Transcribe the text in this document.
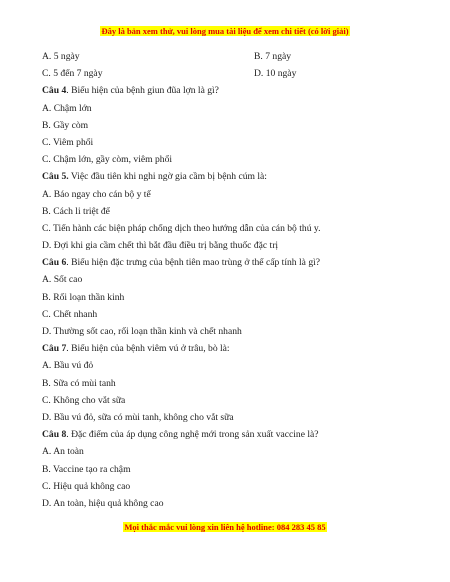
Đây là bản xem thử, vui lòng mua tài liệu để xem chi tiết (có lời giải)
A. 5 ngày	B. 7 ngày
C. 5 đến 7 ngày	D. 10 ngày
Câu 4. Biểu hiện của bệnh giun đũa lợn là gì?
A. Chậm lớn
B. Gầy còm
C. Viêm phổi
C. Chậm lớn, gầy còm, viêm phổi
Câu 5. Việc đầu tiên khi nghi ngờ gia cầm bị bệnh cúm là:
A. Báo ngay cho cán bộ y tế
B. Cách li triệt để
C. Tiến hành các biện pháp chống dịch theo hướng dẫn của cán bộ thú y.
D. Đợi khi gia cầm chết thì bắt đầu điều trị bằng thuốc đặc trị
Câu 6. Biểu hiện đặc trưng của bệnh tiên mao trùng ở thể cấp tính là gì?
A. Sốt cao
B. Rối loạn thần kinh
C. Chết nhanh
D. Thường sốt cao, rối loạn thần kinh và chết nhanh
Câu 7. Biểu hiện của bệnh viêm vú ở trâu, bò là:
A. Bầu vú đỏ
B. Sữa có mùi tanh
C. Không cho vắt sữa
D. Bầu vú đỏ, sữa có mùi tanh, không cho vắt sữa
Câu 8. Đặc điểm của áp dụng công nghệ mới trong sản xuất vaccine là?
A. An toàn
B. Vaccine tạo ra chậm
C. Hiệu quả không cao
D. An toàn, hiệu quả không cao
Mọi thắc mắc vui lòng xin liên hệ hotline: 084 283 45 85
